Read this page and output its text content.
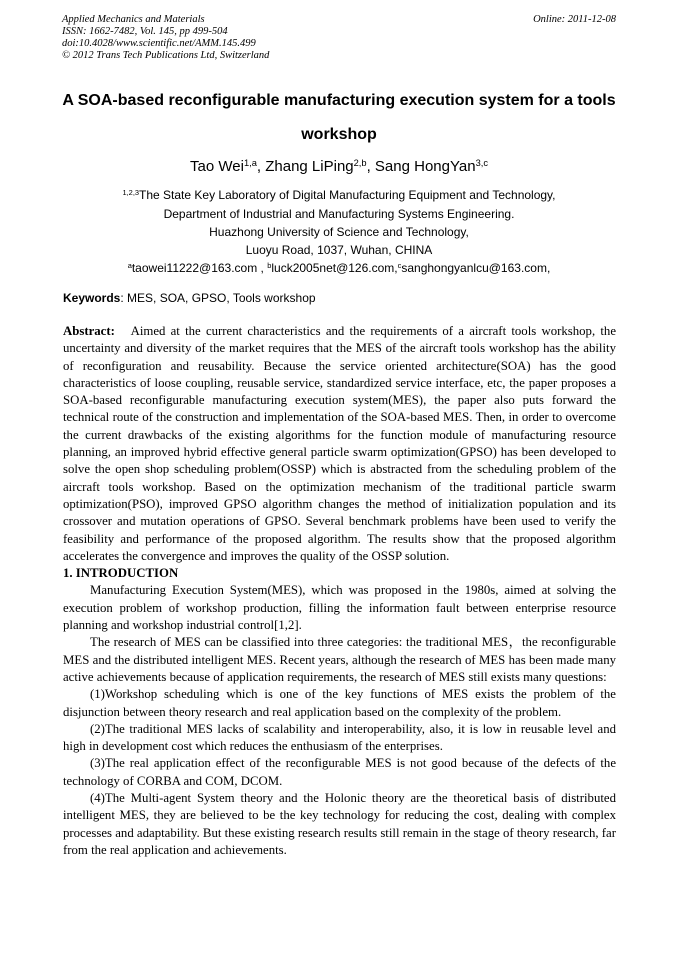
Applied Mechanics and Materials
ISSN: 1662-7482, Vol. 145, pp 499-504
doi:10.4028/www.scientific.net/AMM.145.499
© 2012 Trans Tech Publications Ltd, Switzerland
Online: 2011-12-08
A SOA-based reconfigurable manufacturing execution system for a tools
workshop
Tao Wei$^{1,a}$, Zhang LiPing$^{2,b}$, Sang HongYan$^{3,c}$
$^{1,2,3}$The State Key Laboratory of Digital Manufacturing Equipment and Technology,
Department of Industrial and Manufacturing Systems Engineering.
Huazhong University of Science and Technology,
Luoyu Road, 1037, Wuhan, CHINA
$^a$taowei11222@163.com , $^b$luck2005net@126.com,$^c$sanghongyanlcu@163.com,
Keywords: MES, SOA, GPSO, Tools workshop

Abstract: Aimed at the current characteristics and the requirements of a aircraft tools workshop, the uncertainty and diversity of the market requires that the MES of the aircraft tools workshop has the ability of reconfiguration and reusability. Because the service oriented architecture(SOA) has the good characteristics of loose coupling, reusable service, standardized service interface, etc, the paper proposes a SOA-based reconfigurable manufacturing execution system(MES), the paper also puts forward the technical route of the construction and implementation of the SOA-based MES. Then, in order to overcome the current drawbacks of the existing algorithms for the function module of manufacturing resource planning, an improved hybrid effective general particle swarm optimization(GPSO) has been developed to solve the open shop scheduling problem(OSSP) which is abstracted from the scheduling problem of the aircraft tools workshop. Based on the optimization mechanism of the traditional particle swarm optimization(PSO), improved GPSO algorithm changes the method of initialization population and its crossover and mutation operations of GPSO. Several benchmark problems have been used to verify the feasibility and performance of the proposed algorithm. The results show that the proposed algorithm accelerates the convergence and improves the quality of the OSSP solution.

1. INTRODUCTION

Manufacturing Execution System(MES), which was proposed in the 1980s, aimed at solving the execution problem of workshop production, filling the information fault between enterprise resource planning and workshop industrial control[1,2].

The research of MES can be classified into three categories: the traditional MES，the reconfigurable MES and the distributed intelligent MES. Recent years, although the research of MES has been made many active achievements because of application requirements, the research of MES still exists many questions:

(1)Workshop scheduling which is one of the key functions of MES exists the problem of the disjunction between theory research and real application based on the complexity of the problem.

(2)The traditional MES lacks of scalability and interoperability, also, it is low in reusable level and high in development cost which reduces the enthusiasm of the enterprises.

(3)The real application effect of the reconfigurable MES is not good because of the defects of the technology of CORBA and COM, DCOM.

(4)The Multi-agent System theory and the Holonic theory are the theoretical basis of distributed intelligent MES, they are believed to be the key technology for reducing the cost, dealing with complex processes and adaptability. But these existing research results still remain in the stage of theory research, far from the real application and achievements.
